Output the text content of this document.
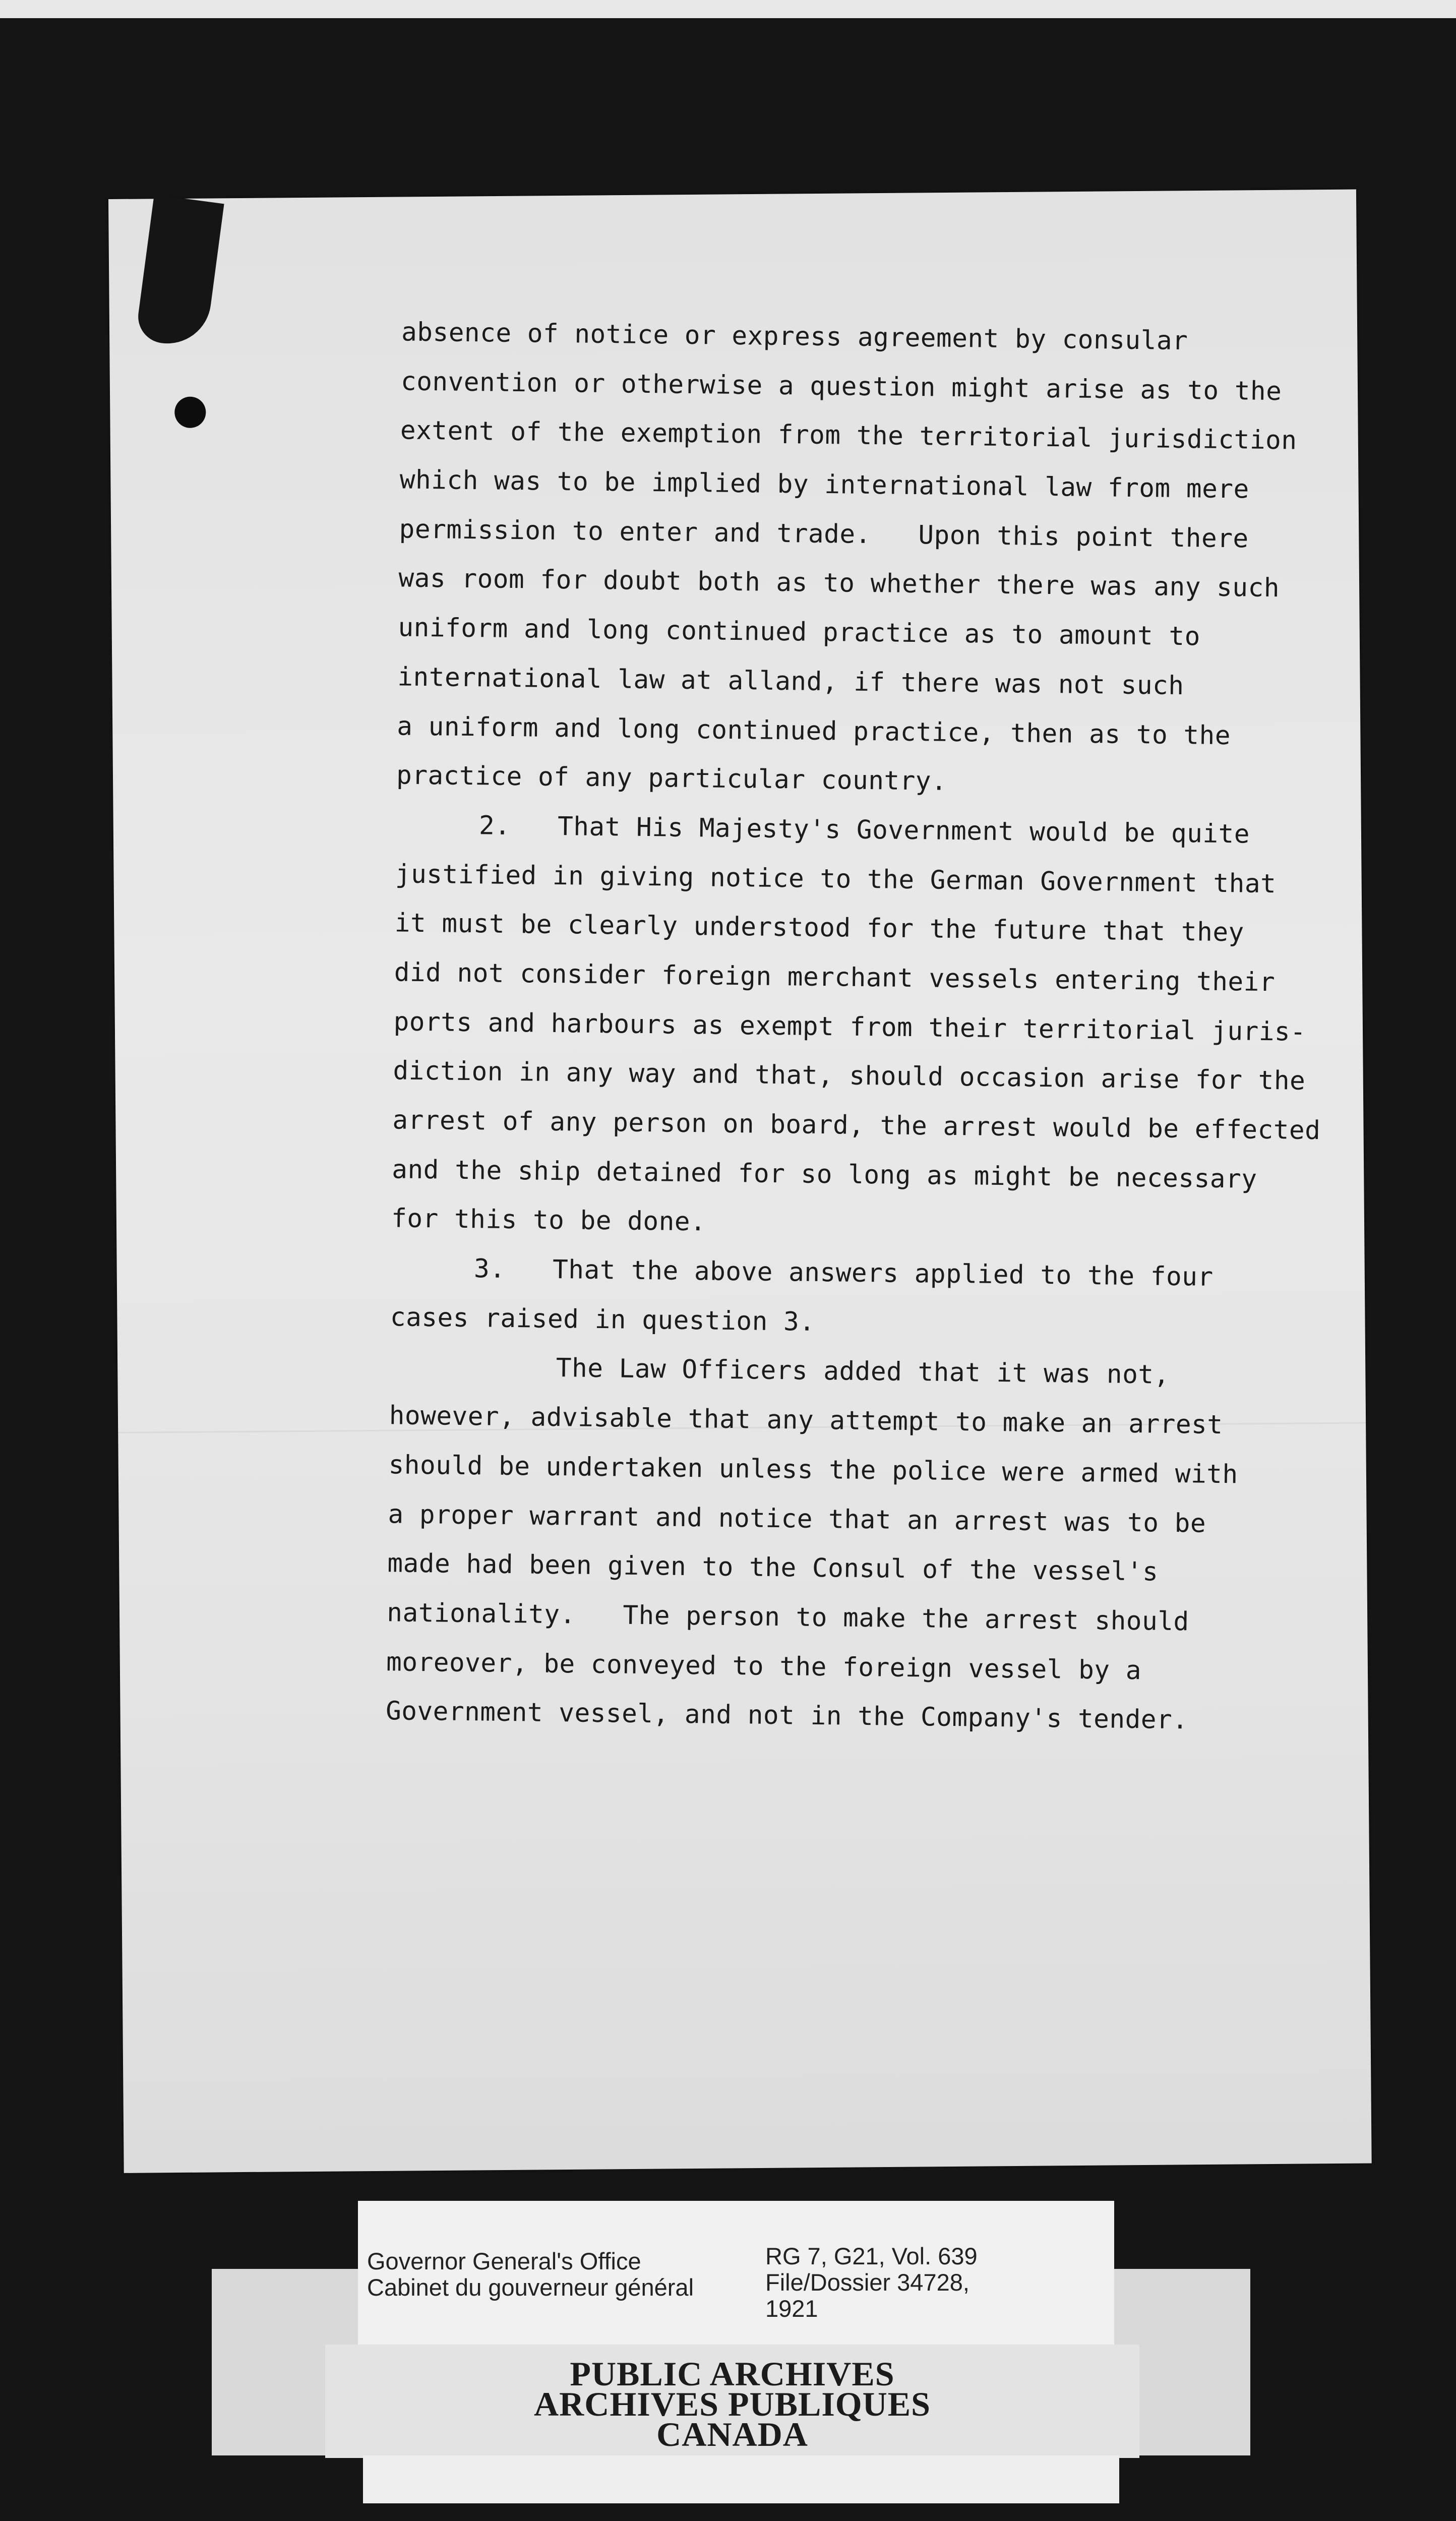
absence of notice or express agreement by consular
convention or otherwise a question might arise as to the
extent of the exemption from the territorial jurisdiction
which was to be implied by international law from mere
permission to enter and trade.   Upon this point there
was room for doubt both as to whether there was any such
uniform and long continued practice as to amount to
international law at alland, if there was not such
a uniform and long continued practice, then as to the
practice of any particular country.
2.   That His Majesty's Government would be quite
justified in giving notice to the German Government that
it must be clearly understood for the future that they
did not consider foreign merchant vessels entering their
ports and harbours as exempt from their territorial juris-
diction in any way and that, should occasion arise for the
arrest of any person on board, the arrest would be effected
and the ship detained for so long as might be necessary
for this to be done.
3.   That the above answers applied to the four
cases raised in question 3.
The Law Officers added that it was not,
however, advisable that any attempt to make an arrest
should be undertaken unless the police were armed with
a proper warrant and notice that an arrest was to be
made had been given to the Consul of the vessel's
nationality.   The person to make the arrest should
moreover, be conveyed to the foreign vessel by a
Government vessel, and not in the Company's tender.
Governor General's Office
Cabinet du gouverneur général
RG 7, G21, Vol. 639
File/Dossier 34728,
1921
PUBLIC ARCHIVES
ARCHIVES PUBLIQUES
CANADA
